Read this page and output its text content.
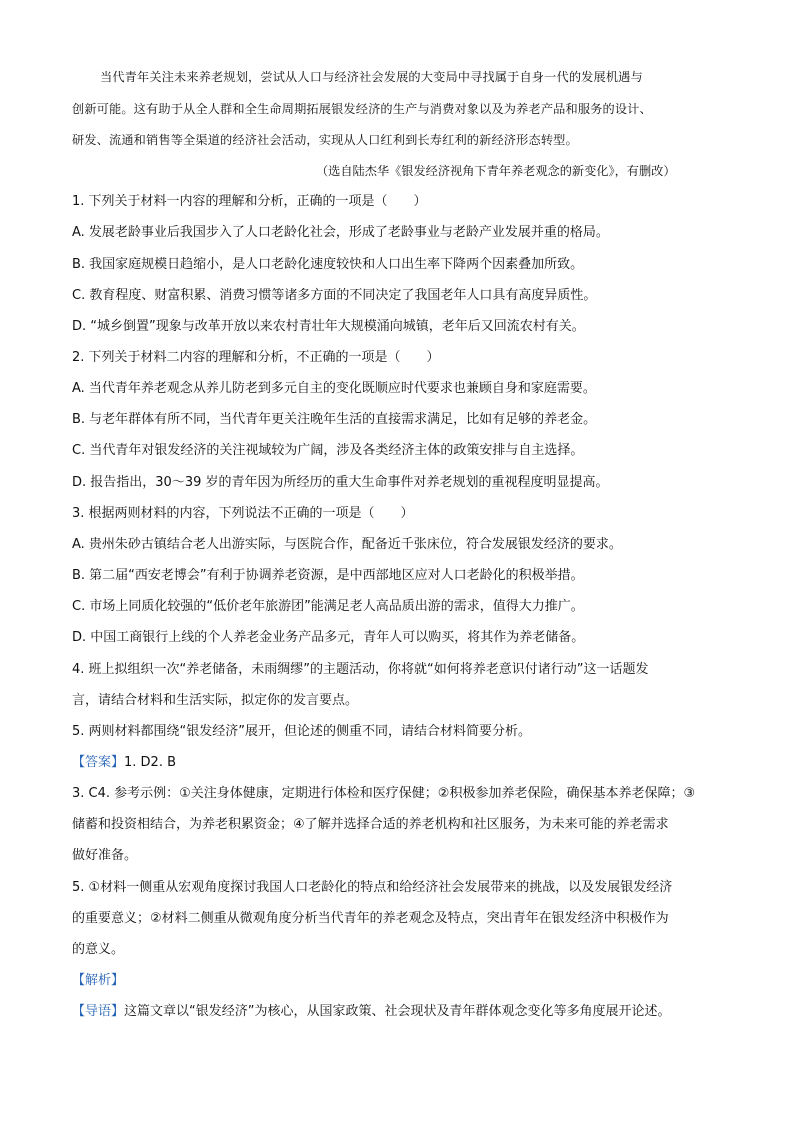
当代青年关注未来养老规划，尝试从人口与经济社会发展的大变局中寻找属于自身一代的发展机遇与
创新可能。这有助于从全人群和全生命周期拓展银发经济的生产与消费对象以及为养老产品和服务的设计、
研发、流通和销售等全渠道的经济社会活动，实现从人口红利到长寿红利的新经济形态转型。
（选自陆杰华《银发经济视角下青年养老观念的新变化》，有删改）
1. 下列关于材料一内容的理解和分析，正确的一项是（　　）
A. 发展老龄事业后我国步入了人口老龄化社会，形成了老龄事业与老龄产业发展并重的格局。
B. 我国家庭规模日趋缩小，是人口老龄化速度较快和人口出生率下降两个因素叠加所致。
C. 教育程度、财富积累、消费习惯等诸多方面的不同决定了我国老年人口具有高度异质性。
D. “城乡倒置”现象与改革开放以来农村青壮年大规模涌向城镇，老年后又回流农村有关。
2. 下列关于材料二内容的理解和分析，不正确的一项是（　　）
A. 当代青年养老观念从养儿防老到多元自主的变化既顺应时代要求也兼顾自身和家庭需要。
B. 与老年群体有所不同，当代青年更关注晚年生活的直接需求满足，比如有足够的养老金。
C. 当代青年对银发经济的关注视域较为广阔，涉及各类经济主体的政策安排与自主选择。
D. 报告指出，30～39 岁的青年因为所经历的重大生命事件对养老规划的重视程度明显提高。
3. 根据两则材料的内容，下列说法不正确的一项是（　　）
A. 贵州朱砂古镇结合老人出游实际，与医院合作，配备近千张床位，符合发展银发经济的要求。
B. 第二届“西安老博会”有利于协调养老资源，是中西部地区应对人口老龄化的积极举措。
C. 市场上同质化较强的“低价老年旅游团”能满足老人高品质出游的需求，值得大力推广。
D. 中国工商银行上线的个人养老金业务产品多元，青年人可以购买，将其作为养老储备。
4. 班上拟组织一次“养老储备，未雨绸缪”的主题活动，你将就“如何将养老意识付诸行动”这一话题发
言，请结合材料和生活实际，拟定你的发言要点。
5. 两则材料都围绕“银发经济”展开，但论述的侧重不同，请结合材料简要分析。
【答案】1. D2. B
3. C4. 参考示例：①关注身体健康，定期进行体检和医疗保健；②积极参加养老保险，确保基本养老保障；③
储蓄和投资相结合，为养老积累资金；④了解并选择合适的养老机构和社区服务，为未来可能的养老需求
做好准备。
5. ①材料一侧重从宏观角度探讨我国人口老龄化的特点和给经济社会发展带来的挑战，以及发展银发经济
的重要意义；②材料二侧重从微观角度分析当代青年的养老观念及特点，突出青年在银发经济中积极作为
的意义。
【解析】
【导语】这篇文章以“银发经济”为核心，从国家政策、社会现状及青年群体观念变化等多角度展开论述。
